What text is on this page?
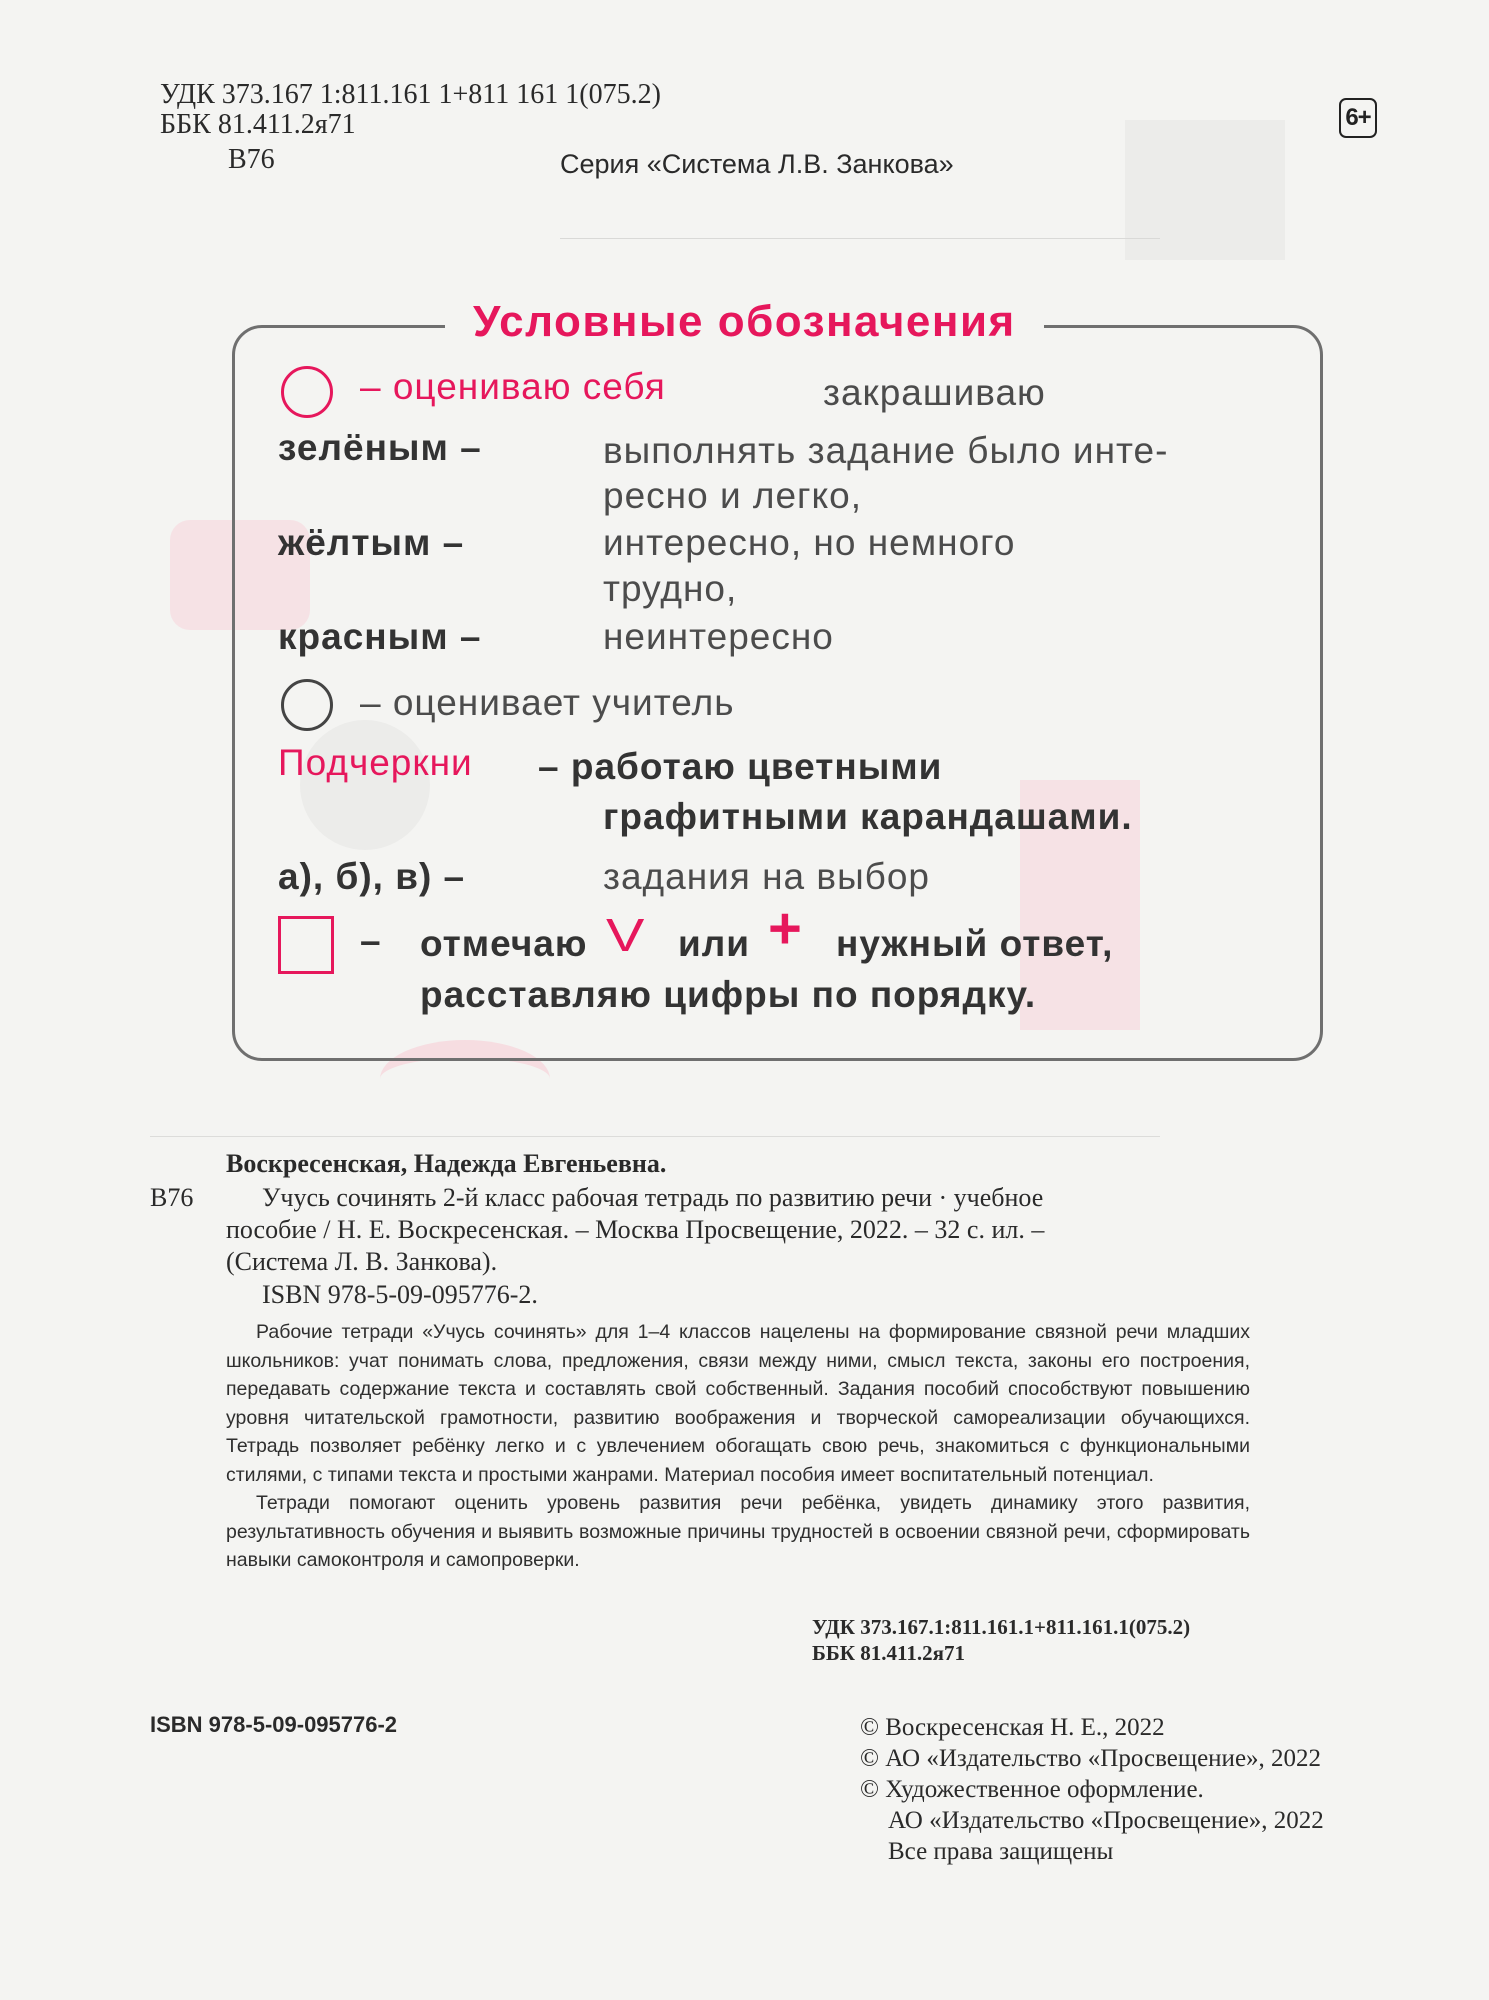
УДК 373.167 1:811.161 1+811 161 1(075.2)
ББК 81.411.2я71
В76	Серия «Система Л.В. Занкова»
6+
Условные обозначения
– оцениваю себя	закрашиваю
зелёным –	выполнять задание было инте-
ресно и легко,
жёлтым –	интересно, но немного
трудно,
красным –	неинтересно
– оценивает учитель
Подчеркни – работаю цветными
графитными карандашами.
а), б), в) –	задания на выбор
– отмечаю V или + нужный ответ,
расставляю цифры по порядку.
Воскресенская, Надежда Евгеньевна.
В76	Учусь сочинять 2-й класс рабочая тетрадь по развитию речи · учебное
пособие / Н. Е. Воскресенская. – Москва Просвещение, 2022. – 32 с. ил. –
(Система Л. В. Занкова).
ISBN 978-5-09-095776-2.

Рабочие тетради «Учусь сочинять» для 1–4 классов нацелены на формирование связной речи младших школьников: учат понимать слова, предложения, связи между ними, смысл текста, законы его построения, передавать содержание текста и составлять свой собственный. Задания пособий способствуют повышению уровня читательской грамотности, развитию воображения и творческой самореализации обучающихся. Тетрадь позволяет ребёнку легко и с увлечением обогащать свою речь, знакомиться с функциональными стилями, с типами текста и простыми жанрами. Материал пособия имеет воспитательный потенциал.

Тетради помогают оценить уровень развития речи ребёнка, увидеть динамику этого развития, результативность обучения и выявить возможные причины трудностей в освоении связной речи, сформировать навыки самоконтроля и самопроверки.

УДК 373.167.1:811.161.1+811.161.1(075.2)
ББК 81.411.2я71
ISBN 978-5-09-095776-2	© Воскресенская Н. Е., 2022
© АО «Издательство «Просвещение», 2022
© Художественное оформление.
АО «Издательство «Просвещение», 2022
Все права защищены
